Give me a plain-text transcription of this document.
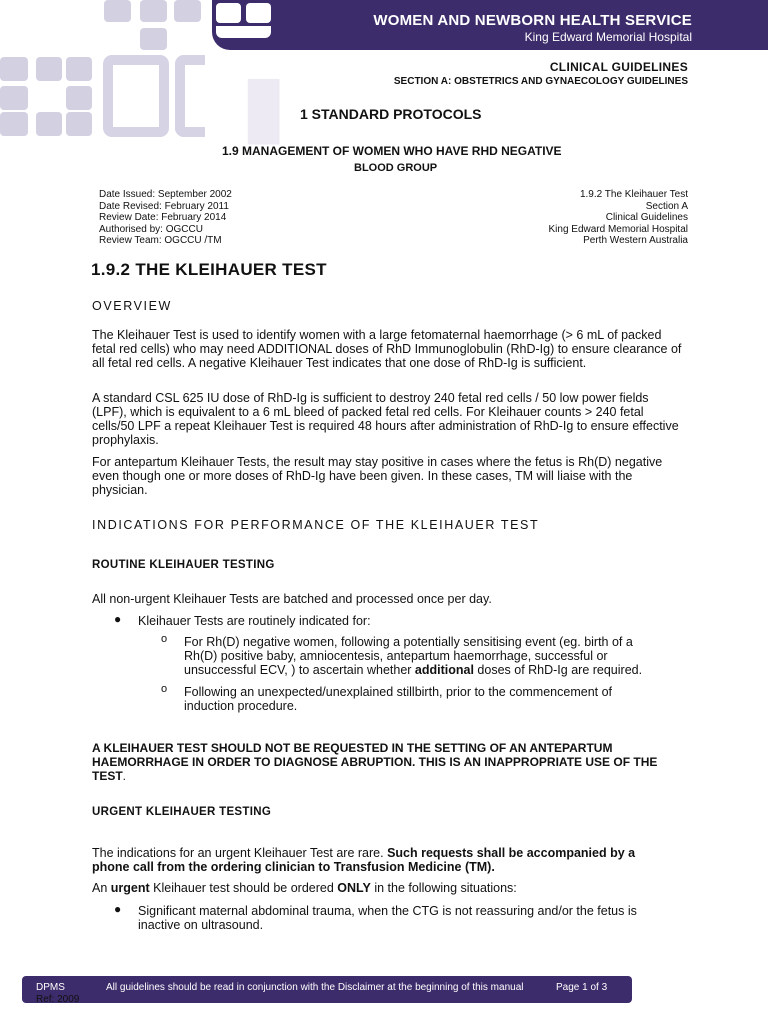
▮
WOMEN AND NEWBORN HEALTH SERVICE
King Edward Memorial Hospital
CLINICAL GUIDELINES
SECTION A: OBSTETRICS AND GYNAECOLOGY GUIDELINES
1 STANDARD PROTOCOLS
1.9 MANAGEMENT OF WOMEN WHO HAVE RHD NEGATIVE
BLOOD GROUP
Date Issued: September 2002
Date Revised: February 2011
Review Date: February 2014
Authorised by: OGCCU
Review Team: OGCCU /TM
1.9.2 The Kleihauer Test
Section A
Clinical Guidelines
King Edward Memorial Hospital
Perth Western Australia
1.9.2 THE KLEIHAUER TEST
OVERVIEW

The Kleihauer Test is used to identify women with a large fetomaternal haemorrhage (> 6 mL of packed fetal red cells) who may need ADDITIONAL doses of RhD Immunoglobulin (RhD-Ig) to ensure clearance of all fetal red cells. A negative Kleihauer Test indicates that one dose of RhD-Ig is sufficient.

A standard CSL 625 IU dose of RhD-Ig is sufficient to destroy 240 fetal red cells / 50 low power fields (LPF), which is equivalent to a 6 mL bleed of packed fetal red cells. For Kleihauer counts > 240 fetal cells/50 LPF a repeat Kleihauer Test is required 48 hours after administration of RhD-Ig to ensure effective prophylaxis.

For antepartum Kleihauer Tests, the result may stay positive in cases where the fetus is Rh(D) negative even though one or more doses of RhD-Ig have been given. In these cases, TM will liaise with the physician.

INDICATIONS FOR PERFORMANCE OF THE KLEIHAUER TEST
ROUTINE KLEIHAUER TESTING

All non-urgent Kleihauer Tests are batched and processed once per day.

● Kleihauer Tests are routinely indicated for:

o For Rh(D) negative women, following a potentially sensitising event (eg. birth of a Rh(D) positive baby, amniocentesis, antepartum haemorrhage, successful or unsuccessful ECV, ) to ascertain whether additional doses of RhD-Ig are required.

o Following an unexpected/unexplained stillbirth, prior to the commencement of induction procedure.

A KLEIHAUER TEST SHOULD NOT BE REQUESTED IN THE SETTING OF AN ANTEPARTUM HAEMORRHAGE IN ORDER TO DIAGNOSE ABRUPTION. THIS IS AN INAPPROPRIATE USE OF THE TEST.

URGENT KLEIHAUER TESTING

The indications for an urgent Kleihauer Test are rare. Such requests shall be accompanied by a phone call from the ordering clinician to Transfusion Medicine (TM).

An urgent Kleihauer test should be ordered ONLY in the following situations:

● Significant maternal abdominal trauma, when the CTG is not reassuring and/or the fetus is inactive on ultrasound.

DPMS	All guidelines should be read in conjunction with the Disclaimer at the beginning of this manual	Page 1 of 3
Ref: 2009
